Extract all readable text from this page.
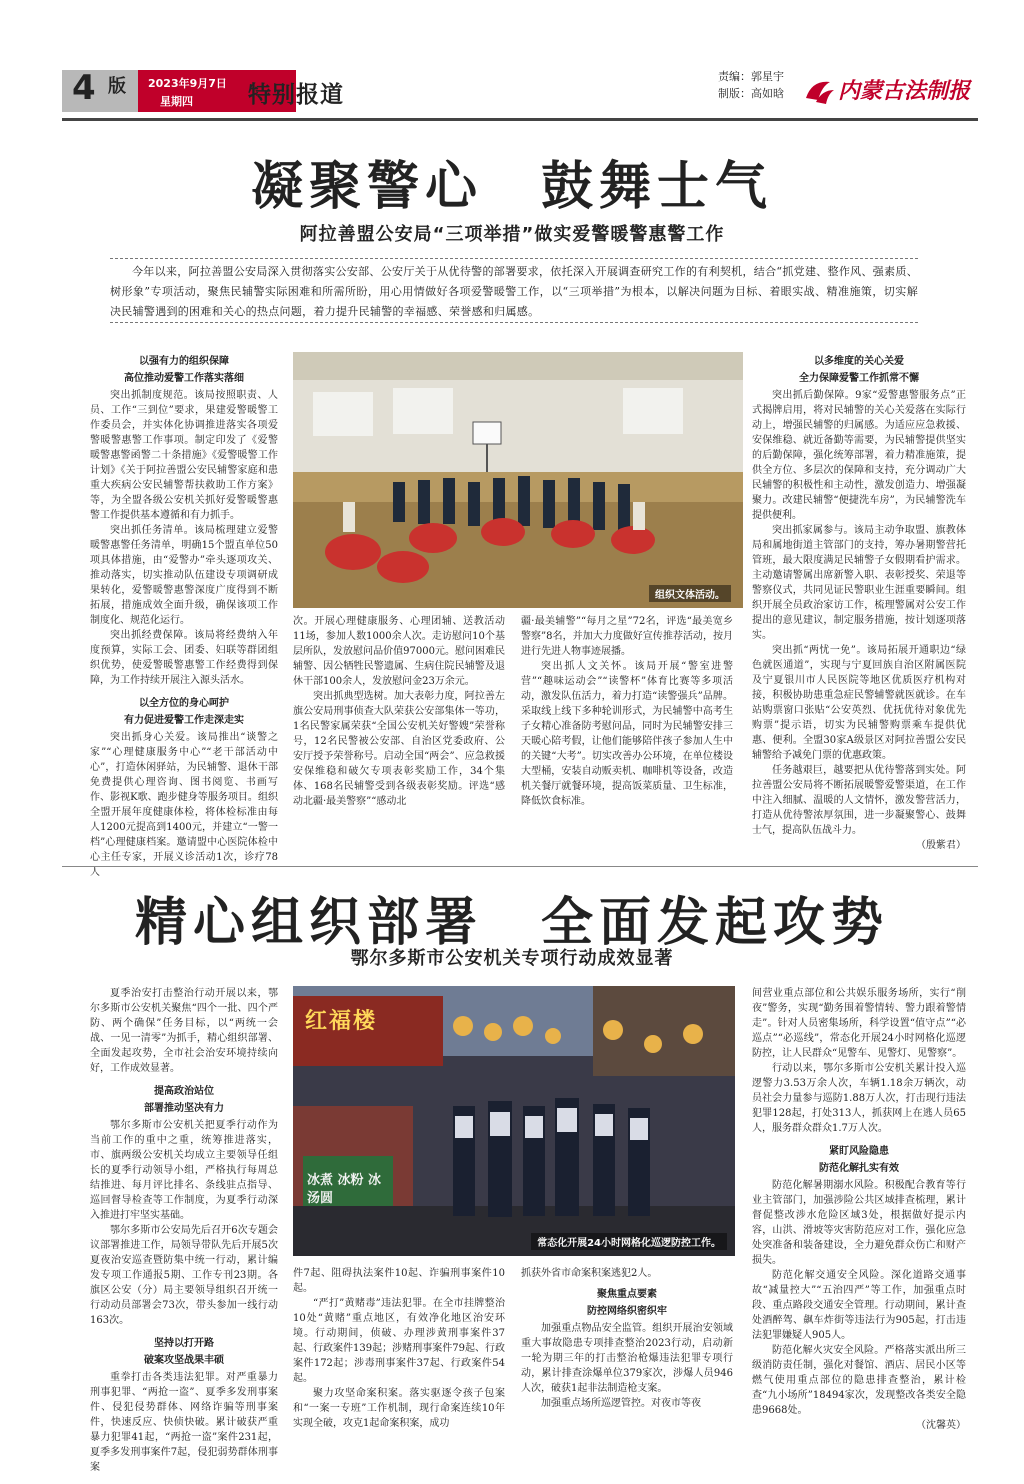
4 版 2023年9月7日
星期四 特别报道
责编：郭星宇
制版：高如晗 内蒙古法制报
凝聚警心　鼓舞士气
阿拉善盟公安局“三项举措”做实爱警暖警惠警工作
今年以来，阿拉善盟公安局深入贯彻落实公安部、公安厅关于从优待警的部署要求，依托深入开展调查研究工作的有利契机，结合“抓党建、整作风、强素质、树形象”专项活动，聚焦民辅警实际困难和所需所盼，用心用情做好各项爱警暖警工作，以“三项举措”为根本，以解决问题为目标、着眼实战、精准施策，切实解决民辅警遇到的困难和关心的热点问题，着力提升民辅警的幸福感、荣誉感和归属感。
组织文体活动。

以强有力的组织保障

高位推动爱警工作落实落细

突出抓制度规范。该局按照职责、人员、工作“三到位”要求，果建爱警暖警工作委员会，并实体化协调推进落实各项爱警暖警惠警工作事项。制定印发了《爱警暖警惠警函警二十条措施》《爱警暖警工作计划》《关于阿拉善盟公安民辅警家庭和患重大疾病公安民辅警帮扶救助工作方案》等，为全盟各级公安机关抓好爱警暖警惠警工作提供基本遵循和有力抓手。

突出抓任务清单。该局梳理建立爱警暖警惠警任务清单，明确15个盟直单位50项具体措施，由“爱警办”牵头逐项攻关、推动落实，切实推动队伍建设专项调研成果转化，爱警暖警惠警深度广度得到不断拓展，措施成效全面升级，确保该项工作制度化、规范化运行。

突出抓经费保障。该局将经费纳入年度预算，实际工会、团委、妇联等群团组织优势，使爱警暖警惠警工作经费得到保障，为工作持续开展注入源头活水。

以全方位的身心呵护

有力促进爱警工作走深走实

突出抓身心关爱。该局推出“谈警之家”“心理健康服务中心”“老干部活动中心”，打造休闲驿站，为民辅警、退休干部免费提供心理咨询、图书阅览、书画写作、影视K歌、跑步健身等服务项目。组织全盟开展年度健康体检，将体检标准由每人1200元提高到1400元，并建立“一警一档”心理健康档案。邀请盟中心医院体检中心主任专家，开展义诊活动1次，诊疗78人

次。开展心理健康服务、心理团辅、送教活动11场，参加人数1000余人次。走访慰问10个基层所队，发放慰问品价值97000元。慰问困难民辅警、因公牺牲民警遗属、生病住院民辅警及退休干部100余人，发放慰问金23万余元。

突出抓典型选树。加大表彰力度，阿拉善左旗公安局刑事侦查大队荣获公安部集体一等功，1名民警家属荣获“全国公安机关好警嫂”荣誉称号，12名民警被公安部、自治区党委政府、公安厅授予荣誉称号。启动全国“两会”、应急救援安保维稳和破欠专项表彰奖励工作，34个集体、168名民辅警受到各级表彰奖励。评选“感动北疆·最美警察”“感动北

疆·最美辅警”“每月之星”72名，评选“最美宽乡警察”8名，并加大力度做好宣传推荐活动，按月进行先进人物事迹展播。

突出抓人文关怀。该局开展“警室进警营”“趣味运动会”“读警杯”体育比赛等多项活动，激发队伍活力，着力打造“读警强兵”品牌。采取线上线下多种轮训形式，为民辅警中高考生子女精心准备防考慰问品，同时为民辅警安排三天暖心陪考假，让他们能够陪伴孩子参加人生中的关键“大考”。切实改善办公环境，在单位楼设大型桶，安装自动贩卖机、咖啡机等设备，改造机关餐厅就餐环境，提高饭菜质量、卫生标准，降低饮食标准。

以多维度的关心关爱

全力保障爱警工作抓常不懈

突出抓后勤保障。9家“爱警惠警服务点”正式揭牌启用，将对民辅警的关心关爱落在实际行动上，增强民辅警的归属感。为适应应急救援、安保维稳、就近备勤等需要，为民辅警提供坚实的后勤保障，强化统筹部署，着力精准施策，提供全方位、多层次的保障和支持，充分调动广大民辅警的积极性和主动性，激发创造力、增强凝聚力。改建民辅警“便捷洗车房”，为民辅警洗车提供便利。

突出抓家属参与。该局主动争取盟、旗教体局和属地街道主管部门的支持，筹办暑期警营托管班，最大限度满足民辅警子女假期看护需求。主动邀请警属出席新警入职、表彰授奖、荣退等警察仪式，共同见证民警职业生涯重要瞬间。组织开展全员政治家访工作，梳理警属对公安工作提出的意见建议，制定服务措施，按计划逐项落实。

突出抓“两忧一免”。该局拓展开通职边“绿色就医通道”，实现与宁夏回族自治区附属医院及宁夏银川市人民医院等地区优质医疗机构对接，积极协助患重急症民警辅警就医就诊。在车站购票窗口张贴“公安英烈、优抚优待对象优先购票”提示语，切实为民辅警购票乘车提供优惠、便利。全盟30家A级景区对阿拉善盟公安民辅警给予减免门票的优惠政策。

任务越艰巨，越要把从优待警落到实处。阿拉善盟公安局将不断拓展暖警爱警渠道，在工作中注入细腻、温暖的人文情怀，激发警营活力，打造从优待警浓厚氛围，进一步凝聚警心、鼓舞士气，提高队伍战斗力。

（殷紫君）

精心组织部署　全面发起攻势
鄂尔多斯市公安机关专项行动成效显著
红福楼
冰煮 冰粉 冰汤圆
常态化开展24小时网格化巡逻防控工作。

夏季治安打击整治行动开展以来，鄂尔多斯市公安机关聚焦“四个一批、四个严防、两个确保”任务目标，以“两统一会战、一见一清零”为抓手，精心组织部署、全面发起攻势，全市社会治安环境持续向好，工作成效显著。

提高政治站位

部署推动坚决有力

鄂尔多斯市公安机关把夏季行动作为当前工作的重中之重，统筹推进落实，市、旗两级公安机关均成立主要领导任组长的夏季行动领导小组，严格执行每周总结推进、每月评比排名、条线驻点指导、巡回督导检查等工作制度，为夏季行动深入推进打牢坚实基础。

鄂尔多斯市公安局先后召开6次专题会议部署推进工作，局领导带队先后开展5次夏夜治安巡查暨防集中统一行动，累计编发专项工作通报5期、工作专刊23期。各旗区公安（分）局主要领导组织召开统一行动动员部署会73次，带头参加一线行动163次。

坚持以打开路

破案攻坚战果丰硕

重拳打击各类违法犯罪。对严重暴力刑事犯罪、“两抢一盗”、夏季多发刑事案件、侵犯侵势群体、网络诈骗等刑事案件，快速反应、快侦快破。累计破获严重暴力犯罪41起，“两抢一盗”案件231起，夏季多发刑事案件7起，侵犯弱势群体刑事案

件7起、阻碍执法案件10起、诈骗刑事案件10起。

“严打”黄赌毒”违法犯罪。在全市挂牌整治10处“黄赌”重点地区，有效净化地区治安环境。行动期间，侦破、办理涉黄刑事案件37起、行政案件139起；涉赌刑事案件79起、行政案件172起；涉毒刑事案件37起、行政案件54起。

聚力攻坚命案积案。落实驱逐令孩子包案和“一案一专班”工作机制，现行命案连续10年实现全破，攻克1起命案积案，成功

抓获外省市命案积案逃犯2人。

聚焦重点要素

防控网络织密织牢

加强重点物品安全监管。组织开展治安领域重大事故隐患专项排查整治2023行动，启动新一轮为期三年的打击整治枪爆违法犯罪专项行动，累计排查涂爆单位379家次，涉爆人员946人次，破获1起非法制造枪支案。

加强重点场所巡逻管控。对夜市等夜

间营业重点部位和公共娱乐服务场所，实行“削夜”警务，实现“勤务围着警情转、警力跟着警情走”。针对人员密集场所，科学设置“值守点”“必巡点”“必巡线”，常态化开展24小时网格化巡逻防控，让人民群众“见警车、见警灯、见警察”。

行动以来，鄂尔多斯市公安机关累计投入巡逻警力3.53万余人次，车辆1.18余万辆次，动员社会力量参与巡防1.88万人次，打击现行违法犯罪128起，打处313人，抓获网上在逃人员65人，服务群众群众1.7万人次。

紧盯风险隐患

防范化解扎实有效

防范化解暑期溺水风险。积极配合教育等行业主管部门，加强涉险公共区域排查梳理，累计督促整改涉水危险区域3处，根据做好提示内容，山洪、滑坡等灾害防范应对工作，强化应急处突准备和装备建设，全力避免群众伤亡和财产损失。

防范化解交通安全风险。深化道路交通事故“减量控大”“五治四严”等工作，加强重点时段、重点路段交通安全管理。行动期间，累计查处酒醉驾、飙车炸街等违法行为905起，打击违法犯罪嫌疑人905人。

防范化解火灾安全风险。严格落实派出所三级消防责任制，强化对餐馆、酒店、居民小区等燃气使用重点部位的隐患排查整治，累计检查“九小场所”18494家次，发现整改各类安全隐患9668处。

（沈馨英）
